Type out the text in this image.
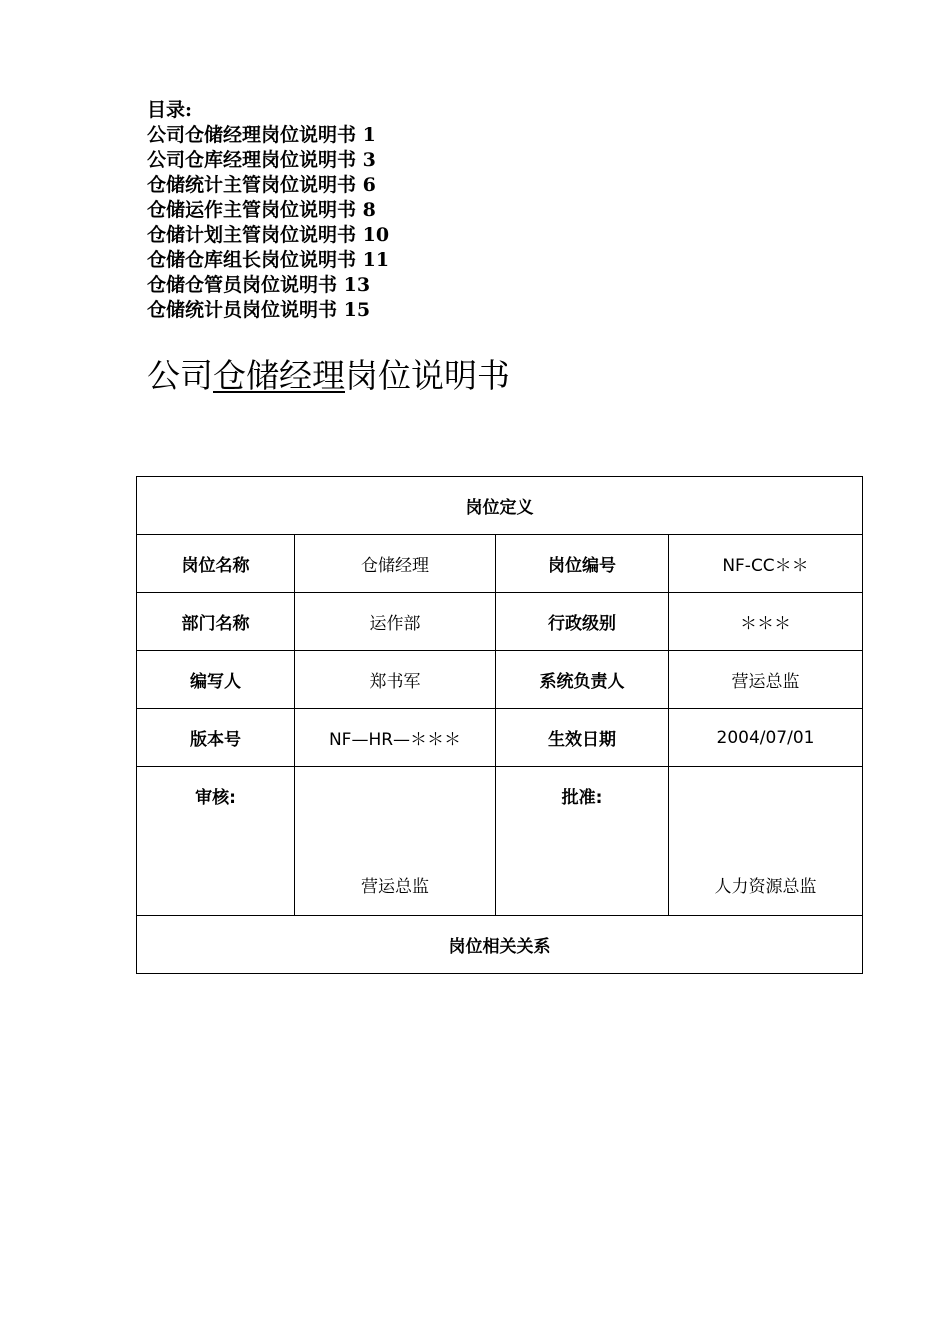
目录:
公司仓储经理岗位说明书 1
公司仓库经理岗位说明书 3
仓储统计主管岗位说明书 6
仓储运作主管岗位说明书 8
仓储计划主管岗位说明书 10
仓储仓库组长岗位说明书 11
仓储仓管员岗位说明书 13
仓储统计员岗位说明书 15
公司仓储经理岗位说明书
岗位定义			
岗位名称	仓储经理	岗位编号	NF-CC＊＊
部门名称	运作部	行政级别	＊＊＊
编写人	郑书军	系统负责人	营运总监
版本号	NF—HR—＊＊＊	生效日期	2004/07/01

审核:	营运总监	批准:	人力资源总监

岗位相关关系			
